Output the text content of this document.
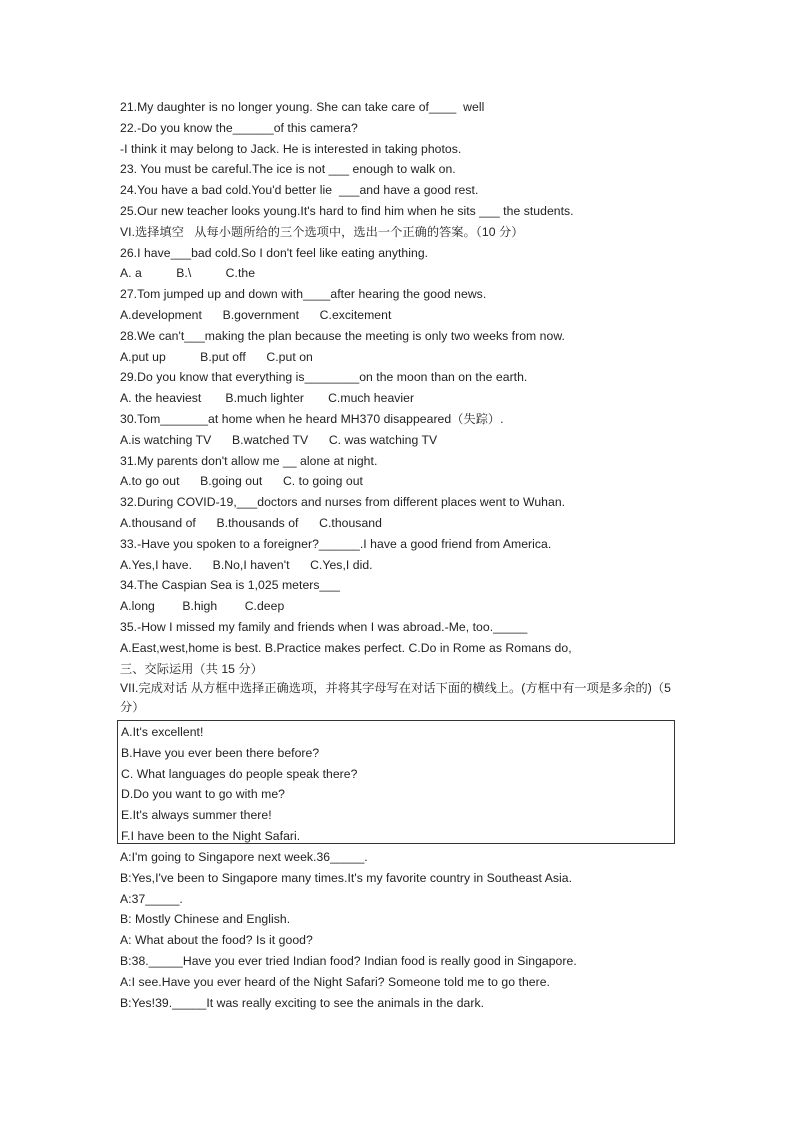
21.My daughter is no longer young. She can take care of____  well
22.-Do you know the______of this camera?
-I think it may belong to Jack. He is interested in taking photos.
23. You must be careful.The ice is not ___ enough to walk on.
24.You have a bad cold.You'd better lie  ___and have a good rest.
25.Our new teacher looks young.It's hard to find him when he sits ___ the students.
VI.选择填空   从每小题所给的三个选项中，选出一个正确的答案。（10 分）
26.I have___bad cold.So I don't feel like eating anything.
A. a          B.\          C.the
27.Tom jumped up and down with____after hearing the good news.
A.development      B.government      C.excitement
28.We can't___making the plan because the meeting is only two weeks from now.
A.put up          B.put off      C.put on
29.Do you know that everything is________on the moon than on the earth.
A. the heaviest       B.much lighter       C.much heavier
30.Tom_______at home when he heard MH370 disappeared（失踪）.
A.is watching TV      B.watched TV      C. was watching TV
31.My parents don't allow me __ alone at night.
A.to go out      B.going out      C. to going out
32.During COVID-19,___doctors and nurses from different places went to Wuhan.
A.thousand of      B.thousands of      C.thousand
33.-Have you spoken to a foreigner?______.I have a good friend from America.
A.Yes,I have.      B.No,I haven't      C.Yes,I did.
34.The Caspian Sea is 1,025 meters___
A.long        B.high        C.deep
35.-How I missed my family and friends when I was abroad.-Me, too._____
A.East,west,home is best. B.Practice makes perfect. C.Do in Rome as Romans do,
三、交际运用（共 15 分）
VII.完成对话 从方框中选择正确选项，并将其字母写在对话下面的横线上。(方框中有一项是多余的)（5 分）
A.It's excellent!
B.Have you ever been there before?
C. What languages do people speak there?
D.Do you want to go with me?
E.It's always summer there!
F.I have been to the Night Safari.
A:I'm going to Singapore next week.36_____.
B:Yes,I've been to Singapore many times.It's my favorite country in Southeast Asia.
A:37_____.
B: Mostly Chinese and English.
A: What about the food? Is it good?
B:38._____Have you ever tried Indian food? Indian food is really good in Singapore.
A:I see.Have you ever heard of the Night Safari? Someone told me to go there.
B:Yes!39._____It was really exciting to see the animals in the dark.
